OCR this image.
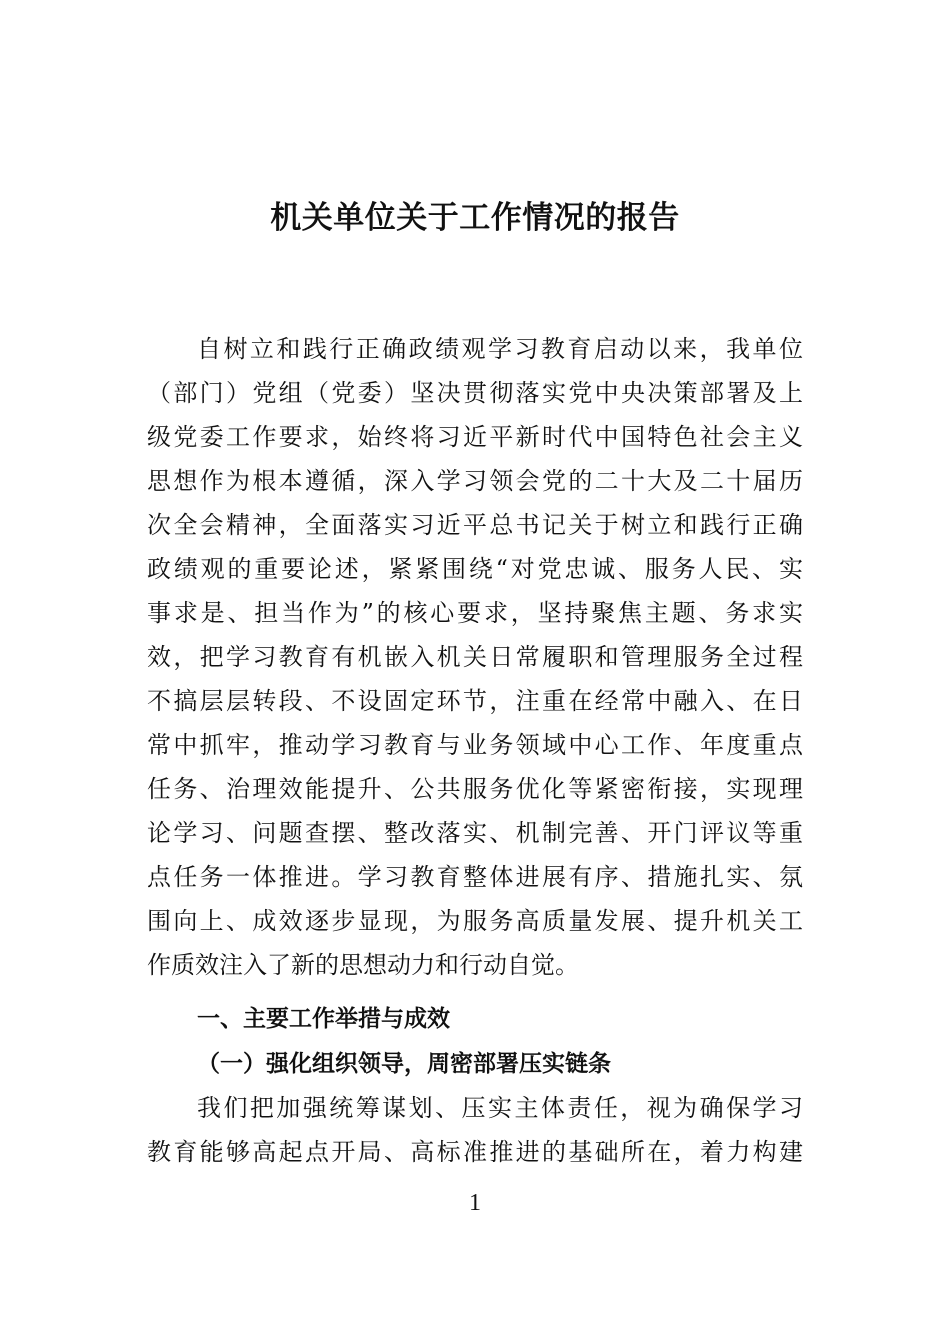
机关单位关于工作情况的报告

自树立和践行正确政绩观学习教育启动以来，我单位

（部门）党组（党委）坚决贯彻落实党中央决策部署及上

级党委工作要求，始终将习近平新时代中国特色社会主义

思想作为根本遵循，深入学习领会党的二十大及二十届历

次全会精神，全面落实习近平总书记关于树立和践行正确

政绩观的重要论述，紧紧围绕“对党忠诚、服务人民、实

事求是、担当作为”的核心要求，坚持聚焦主题、务求实

效，把学习教育有机嵌入机关日常履职和管理服务全过程

不搞层层转段、不设固定环节，注重在经常中融入、在日

常中抓牢，推动学习教育与业务领域中心工作、年度重点

任务、治理效能提升、公共服务优化等紧密衔接，实现理

论学习、问题查摆、整改落实、机制完善、开门评议等重

点任务一体推进。学习教育整体进展有序、措施扎实、氛

围向上、成效逐步显现，为服务高质量发展、提升机关工

作质效注入了新的思想动力和行动自觉。

一、主要工作举措与成效
（一）强化组织领导，周密部署压实链条

我们把加强统筹谋划、压实主体责任，视为确保学习

教育能够高起点开局、高标准推进的基础所在，着力构建

1
